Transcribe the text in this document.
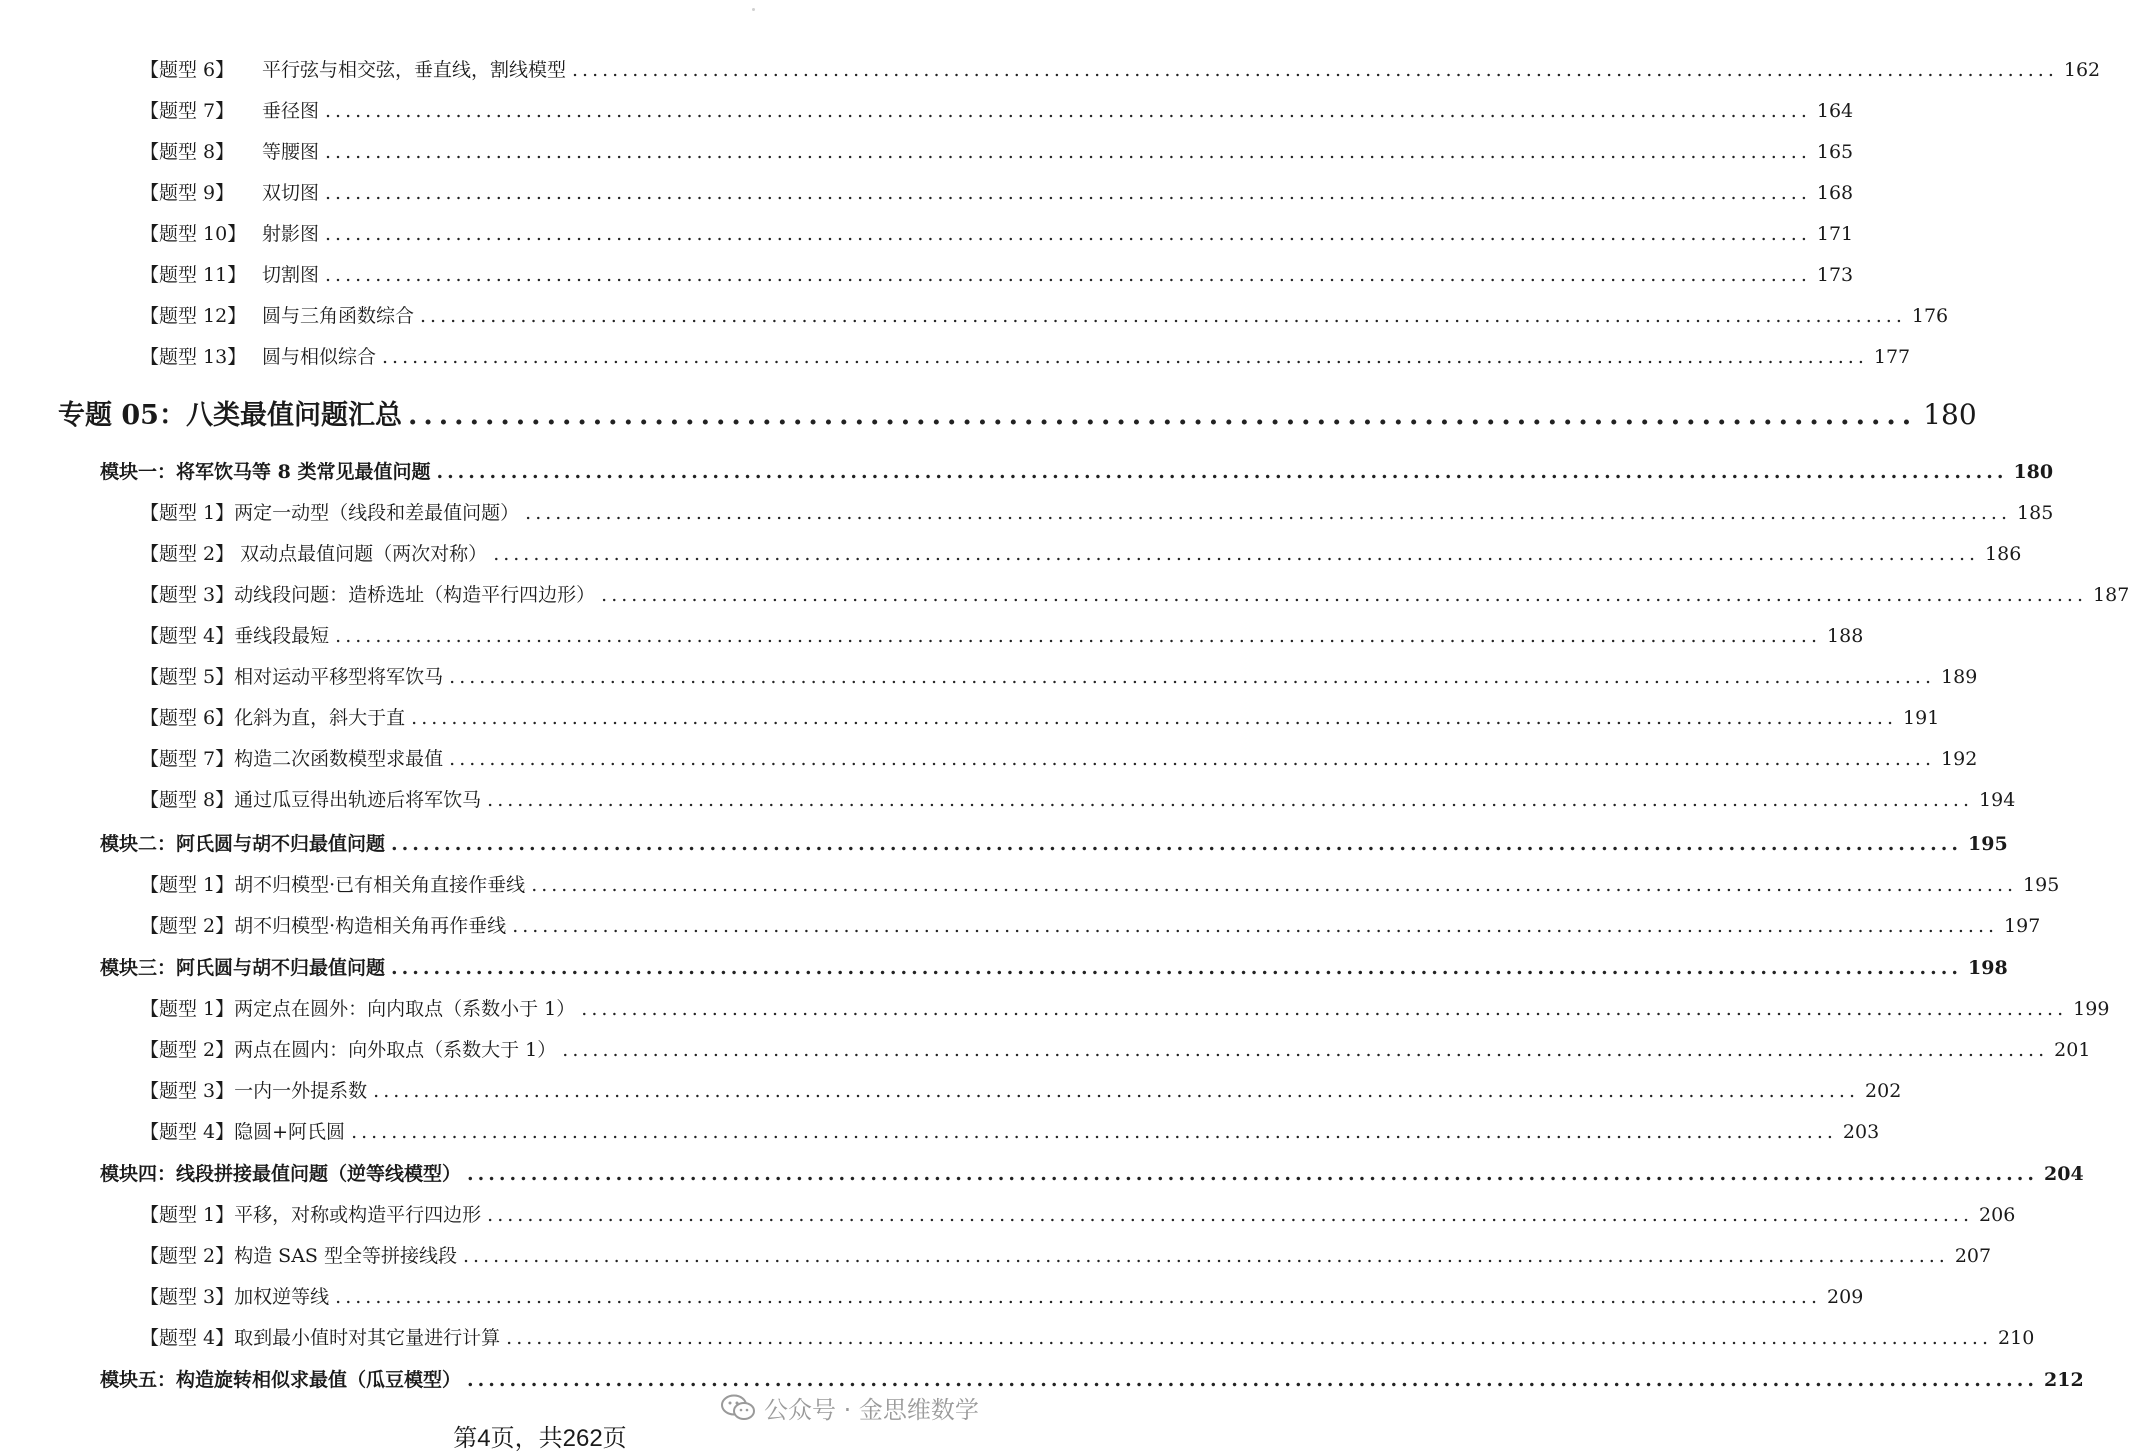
【题型 6】 平行弦与相交弦，垂直线，割线模型 .................................................................................................................................................... 162
【题型 7】 垂径图 .................................................................................................................................................... 164
【题型 8】 等腰图 .................................................................................................................................................... 165
【题型 9】 双切图 .................................................................................................................................................... 168
【题型 10】 射影图 .................................................................................................................................................... 171
【题型 11】 切割图 .................................................................................................................................................... 173
【题型 12】 圆与三角函数综合 .................................................................................................................................................... 176
【题型 13】 圆与相似综合 .................................................................................................................................................... 177
专题 05：八类最值问题汇总 .................................................................................................. 180
模块一：将军饮马等 8 类常见最值问题 .................................................................................................................................................... 180
【题型 1】两定一动型（线段和差最值问题） .................................................................................................................................................... 185
【题型 2】 双动点最值问题（两次对称） .................................................................................................................................................... 186
【题型 3】动线段问题：造桥选址（构造平行四边形） .................................................................................................................................................... 187
【题型 4】垂线段最短 .................................................................................................................................................... 188
【题型 5】相对运动平移型将军饮马 .................................................................................................................................................... 189
【题型 6】化斜为直，斜大于直 .................................................................................................................................................... 191
【题型 7】构造二次函数模型求最值 .................................................................................................................................................... 192
【题型 8】通过瓜豆得出轨迹后将军饮马 .................................................................................................................................................... 194
模块二：阿氏圆与胡不归最值问题 .................................................................................................................................................... 195
【题型 1】胡不归模型·已有相关角直接作垂线 .................................................................................................................................................... 195
【题型 2】胡不归模型·构造相关角再作垂线 .................................................................................................................................................... 197
模块三：阿氏圆与胡不归最值问题 .................................................................................................................................................... 198
【题型 1】两定点在圆外：向内取点（系数小于 1） .................................................................................................................................................... 199
【题型 2】两点在圆内：向外取点（系数大于 1） .................................................................................................................................................... 201
【题型 3】一内一外提系数 .................................................................................................................................................... 202
【题型 4】隐圆+阿氏圆 .................................................................................................................................................... 203
模块四：线段拼接最值问题（逆等线模型） .................................................................................................................................................... 204
【题型 1】平移，对称或构造平行四边形 .................................................................................................................................................... 206
【题型 2】构造 SAS 型全等拼接线段 .................................................................................................................................................... 207
【题型 3】加权逆等线 .................................................................................................................................................... 209
【题型 4】取到最小值时对其它量进行计算 .................................................................................................................................................... 210
模块五：构造旋转相似求最值（瓜豆模型） .................................................................................................................................................... 212
公众号 · 金思维数学
第4页，共262页
